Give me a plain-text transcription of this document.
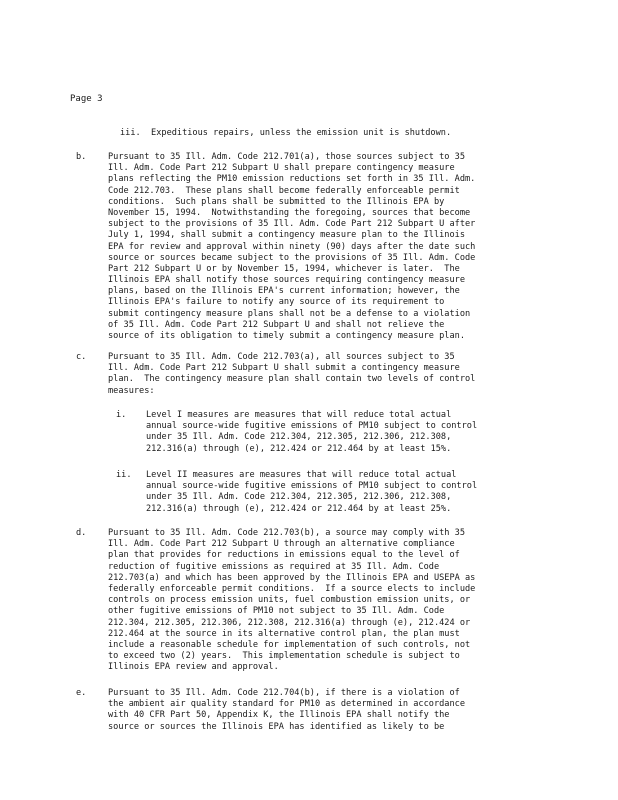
Page 3
iii.  Expeditious repairs, unless the emission unit is shutdown.
b.	Pursuant to 35 Ill. Adm. Code 212.701(a), those sources subject to 35
Ill. Adm. Code Part 212 Subpart U shall prepare contingency measure
plans reflecting the PM10 emission reductions set forth in 35 Ill. Adm.
Code 212.703.  These plans shall become federally enforceable permit
conditions.  Such plans shall be submitted to the Illinois EPA by
November 15, 1994.  Notwithstanding the foregoing, sources that become
subject to the provisions of 35 Ill. Adm. Code Part 212 Subpart U after
July 1, 1994, shall submit a contingency measure plan to the Illinois
EPA for review and approval within ninety (90) days after the date such
source or sources became subject to the provisions of 35 Ill. Adm. Code
Part 212 Subpart U or by November 15, 1994, whichever is later.  The
Illinois EPA shall notify those sources requiring contingency measure
plans, based on the Illinois EPA's current information; however, the
Illinois EPA's failure to notify any source of its requirement to
submit contingency measure plans shall not be a defense to a violation
of 35 Ill. Adm. Code Part 212 Subpart U and shall not relieve the
source of its obligation to timely submit a contingency measure plan.
c.	Pursuant to 35 Ill. Adm. Code 212.703(a), all sources subject to 35
Ill. Adm. Code Part 212 Subpart U shall submit a contingency measure
plan.  The contingency measure plan shall contain two levels of control
measures:
i.	Level I measures are measures that will reduce total actual
annual source-wide fugitive emissions of PM10 subject to control
under 35 Ill. Adm. Code 212.304, 212.305, 212.306, 212.308,
212.316(a) through (e), 212.424 or 212.464 by at least 15%.
ii.	Level II measures are measures that will reduce total actual
annual source-wide fugitive emissions of PM10 subject to control
under 35 Ill. Adm. Code 212.304, 212.305, 212.306, 212.308,
212.316(a) through (e), 212.424 or 212.464 by at least 25%.
d.	Pursuant to 35 Ill. Adm. Code 212.703(b), a source may comply with 35
Ill. Adm. Code Part 212 Subpart U through an alternative compliance
plan that provides for reductions in emissions equal to the level of
reduction of fugitive emissions as required at 35 Ill. Adm. Code
212.703(a) and which has been approved by the Illinois EPA and USEPA as
federally enforceable permit conditions.  If a source elects to include
controls on process emission units, fuel combustion emission units, or
other fugitive emissions of PM10 not subject to 35 Ill. Adm. Code
212.304, 212.305, 212.306, 212.308, 212.316(a) through (e), 212.424 or
212.464 at the source in its alternative control plan, the plan must
include a reasonable schedule for implementation of such controls, not
to exceed two (2) years.  This implementation schedule is subject to
Illinois EPA review and approval.
e.	Pursuant to 35 Ill. Adm. Code 212.704(b), if there is a violation of
the ambient air quality standard for PM10 as determined in accordance
with 40 CFR Part 50, Appendix K, the Illinois EPA shall notify the
source or sources the Illinois EPA has identified as likely to be
